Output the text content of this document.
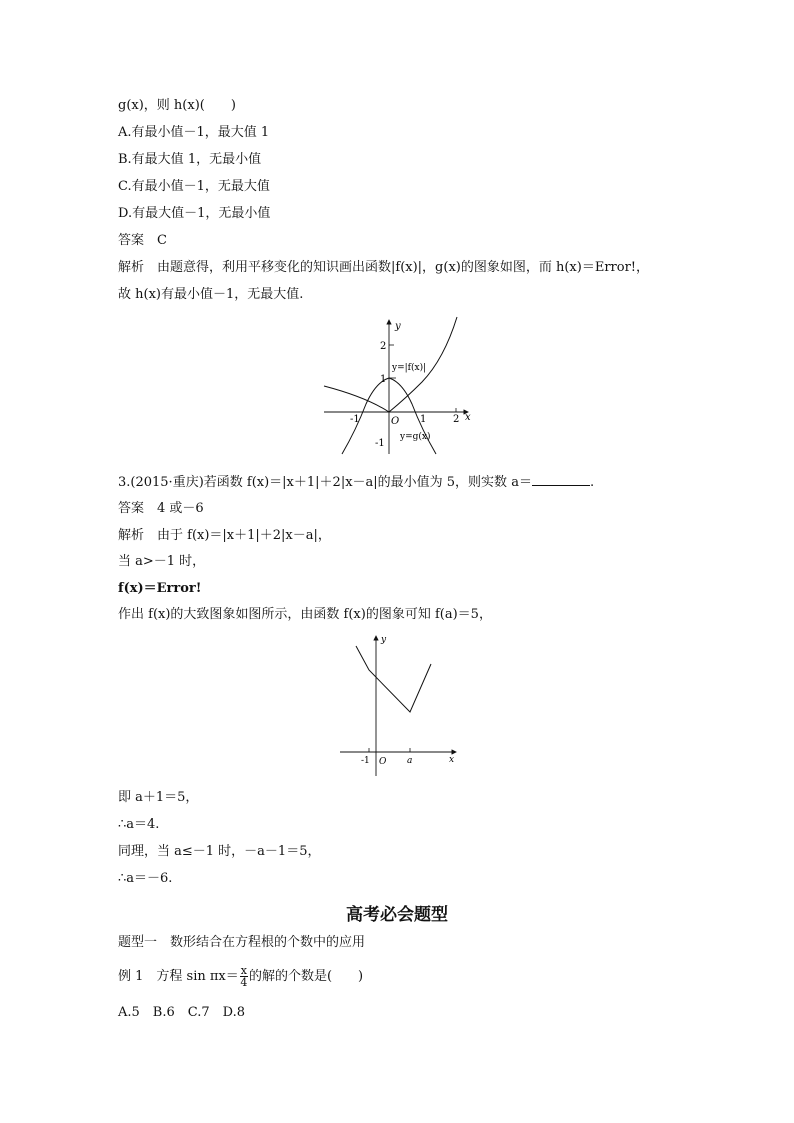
g(x)，则 h(x)(　　)
A.有最小值－1，最大值 1
B.有最大值 1，无最小值
C.有最小值－1，无最大值
D.有最大值－1，无最小值
答案　C
解析　由题意得，利用平移变化的知识画出函数|f(x)|，g(x)的图象如图，而 h(x)＝Error!，
故 h(x)有最小值－1，无最大值.
y
x
O
2
1
-1
-1	1	2
y=|f(x)|
y=g(x)
3.(2015·重庆)若函数 f(x)＝|x＋1|＋2|x－a|的最小值为 5，则实数 a＝	.
答案　4 或－6
解析　由于 f(x)＝|x＋1|＋2|x－a|，
当 a>－1 时，
f(x)＝Error!
作出 f(x)的大致图象如图所示，由函数 f(x)的图象可知 f(a)＝5，
y
x
O
-1	a
即 a＋1＝5，
∴a＝4.
同理，当 a≤－1 时，－a－1＝5，
∴a＝－6.
高考必会题型
题型一　数形结合在方程根的个数中的应用
例 1　方程 $\sin \pi x= \frac{x}{4}$ 的解的个数是(　　)
A.5　B.6　C.7　D.8
